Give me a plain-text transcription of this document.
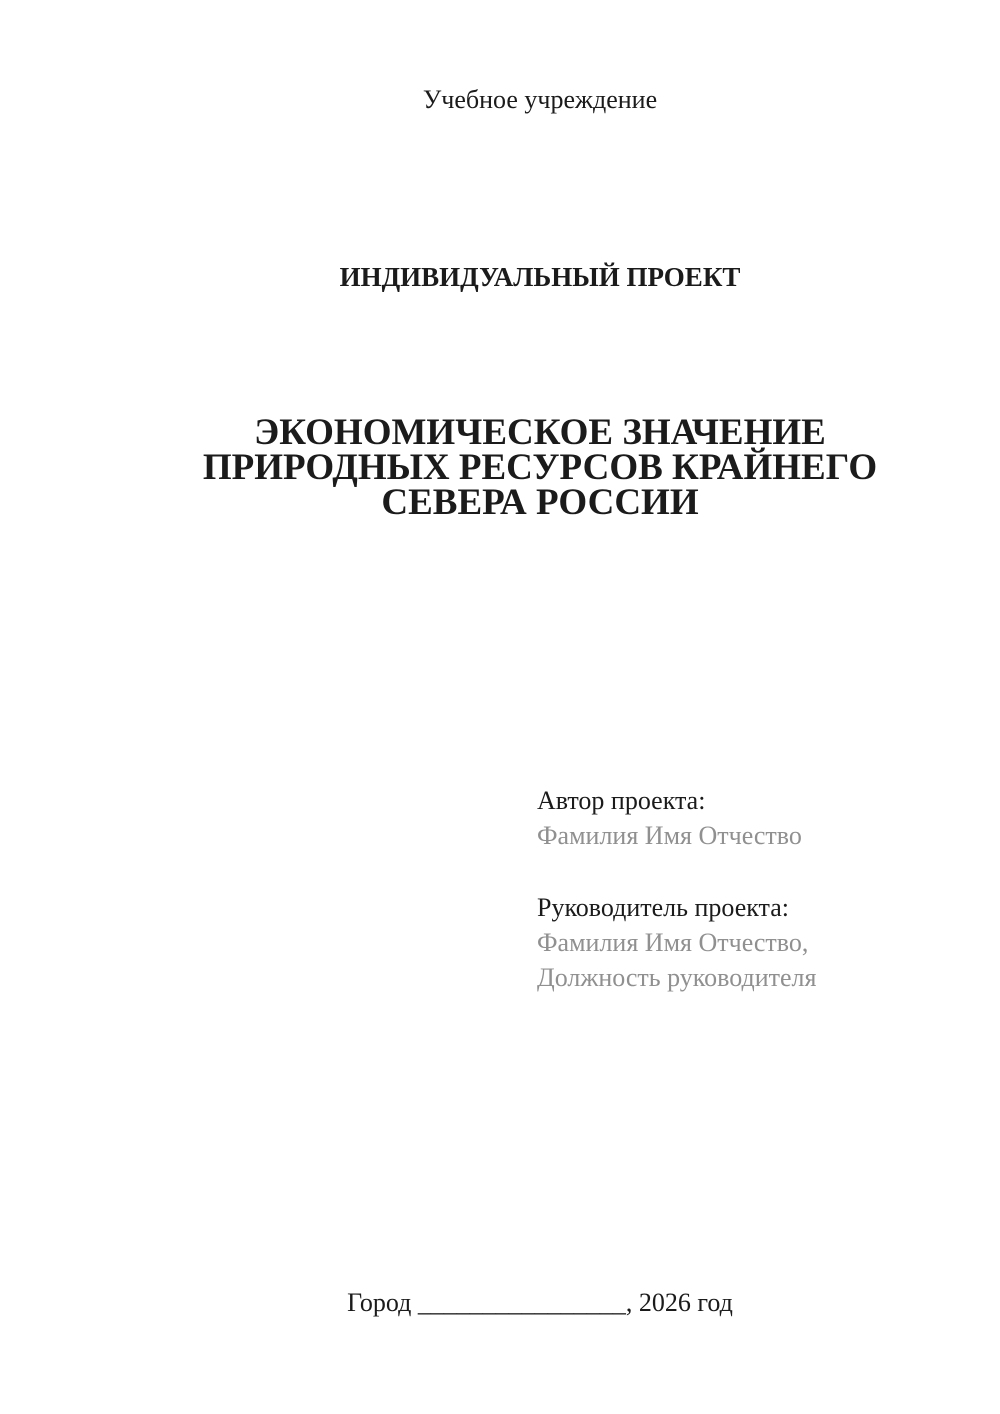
Учебное учреждение
ИНДИВИДУАЛЬНЫЙ ПРОЕКТ
ЭКОНОМИЧЕСКОЕ ЗНАЧЕНИЕ
ПРИРОДНЫХ РЕСУРСОВ КРАЙНЕГО
СЕВЕРА РОССИИ
Автор проекта:
Фамилия Имя Отчество
Руководитель проекта:
Фамилия Имя Отчество,
Должность руководителя
Город ________________, 2026 год
